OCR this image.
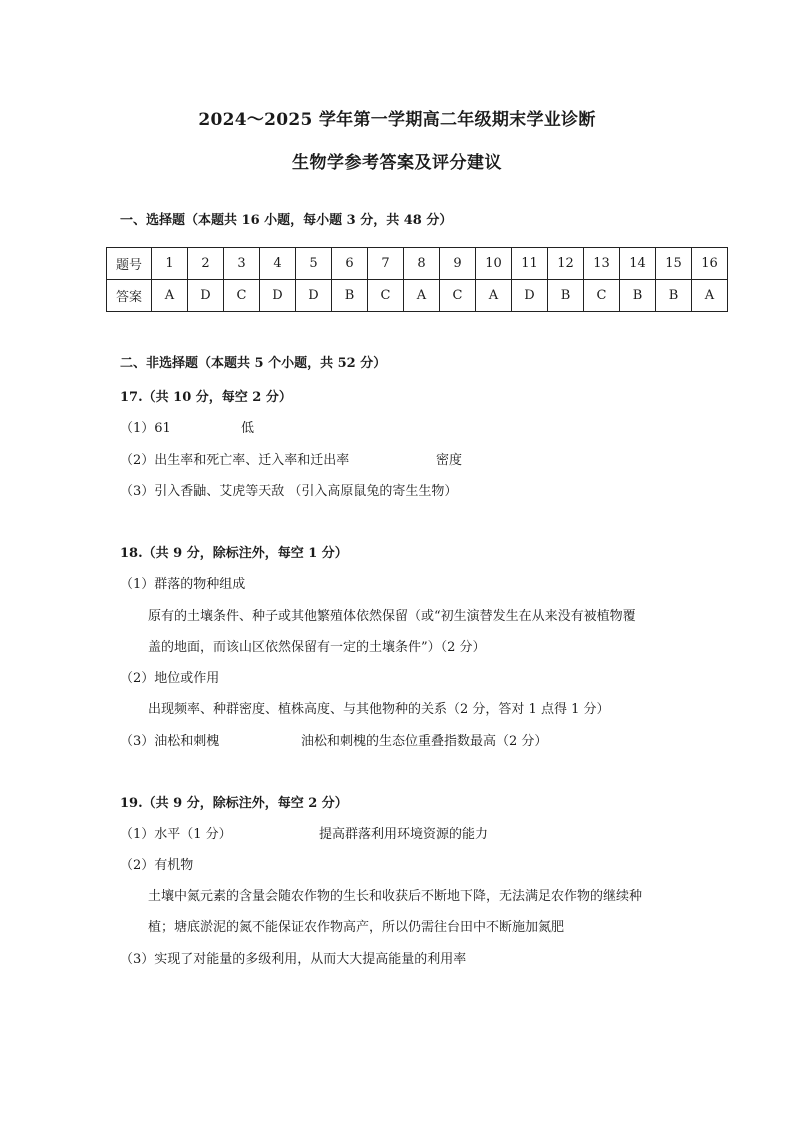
2024～2025 学年第一学期高二年级期末学业诊断
生物学参考答案及评分建议
一、选择题（本题共 16 小题，每小题 3 分，共 48 分）
题号	1	2	3	4	5	6	7	8	9	10	11	12	13	14	15	16
答案	A	D	C	D	D	B	C	A	C	A	D	B	C	B	B	A
二、非选择题（本题共 5 个小题，共 52 分）
17.（共 10 分，每空 2 分）
（1）61	低
（2）出生率和死亡率、迁入率和迁出率	密度
（3）引入香鼬、艾虎等天敌 （引入高原鼠兔的寄生生物）
18.（共 9 分，除标注外，每空 1 分）
（1）群落的物种组成
原有的土壤条件、种子或其他繁殖体依然保留（或“初生演替发生在从来没有被植物覆
盖的地面，而该山区依然保留有一定的土壤条件”）（2 分）
（2）地位或作用
出现频率、种群密度、植株高度、与其他物种的关系（2 分，答对 1 点得 1 分）
（3）油松和刺槐	油松和刺槐的生态位重叠指数最高（2 分）
19.（共 9 分，除标注外，每空 2 分）
（1）水平（1 分）	提高群落利用环境资源的能力
（2）有机物
土壤中氮元素的含量会随农作物的生长和收获后不断地下降，无法满足农作物的继续种
植；塘底淤泥的氮不能保证农作物高产，所以仍需往台田中不断施加氮肥
（3）实现了对能量的多级利用，从而大大提高能量的利用率
